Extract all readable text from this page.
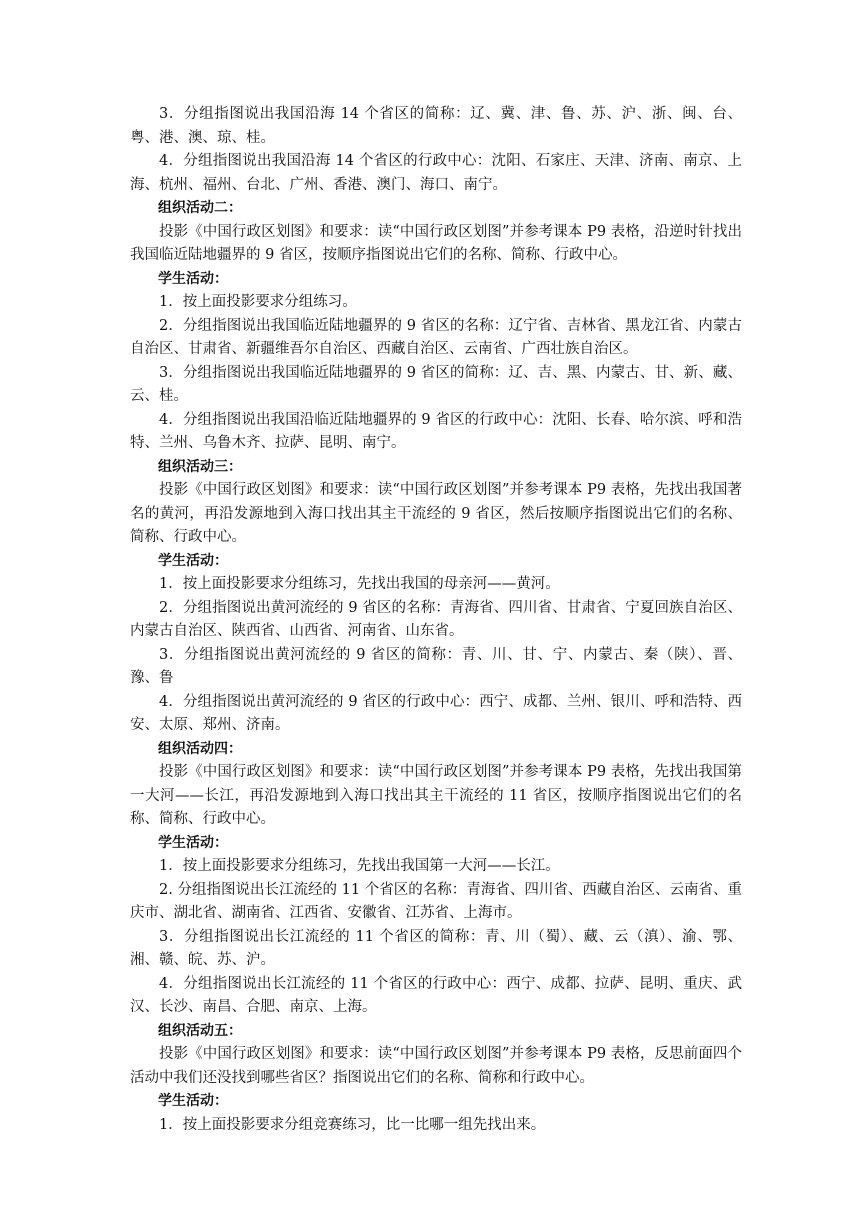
3．分组指图说出我国沿海 14 个省区的简称：辽、冀、津、鲁、苏、沪、浙、闽、台、粤、港、澳、琼、桂。

4．分组指图说出我国沿海 14 个省区的行政中心：沈阳、石家庄、天津、济南、南京、上海、杭州、福州、台北、广州、香港、澳门、海口、南宁。

组织活动二：

投影《中国行政区划图》和要求：读“中国行政区划图”并参考课本 P9 表格，沿逆时针找出我国临近陆地疆界的 9 省区，按顺序指图说出它们的名称、简称、行政中心。

学生活动：

1．按上面投影要求分组练习。

2．分组指图说出我国临近陆地疆界的 9 省区的名称：辽宁省、吉林省、黑龙江省、内蒙古自治区、甘肃省、新疆维吾尔自治区、西藏自治区、云南省、广西壮族自治区。

3．分组指图说出我国临近陆地疆界的 9 省区的简称：辽、吉、黑、内蒙古、甘、新、藏、云、桂。

4．分组指图说出我国沿临近陆地疆界的 9 省区的行政中心：沈阳、长春、哈尔滨、呼和浩特、兰州、乌鲁木齐、拉萨、昆明、南宁。

组织活动三：

投影《中国行政区划图》和要求：读“中国行政区划图”并参考课本 P9 表格，先找出我国著名的黄河，再沿发源地到入海口找出其主干流经的 9 省区，然后按顺序指图说出它们的名称、简称、行政中心。

学生活动：

1．按上面投影要求分组练习，先找出我国的母亲河——黄河。

2．分组指图说出黄河流经的 9 省区的名称：青海省、四川省、甘肃省、宁夏回族自治区、内蒙古自治区、陕西省、山西省、河南省、山东省。

3．分组指图说出黄河流经的 9 省区的简称：青、川、甘、宁、内蒙古、秦（陕）、晋、豫、鲁

4．分组指图说出黄河流经的 9 省区的行政中心：西宁、成都、兰州、银川、呼和浩特、西安、太原、郑州、济南。

组织活动四：

投影《中国行政区划图》和要求：读“中国行政区划图”并参考课本 P9 表格，先找出我国第一大河——长江，再沿发源地到入海口找出其主干流经的 11 省区，按顺序指图说出它们的名称、简称、行政中心。

学生活动：

1．按上面投影要求分组练习，先找出我国第一大河——长江。

2. 分组指图说出长江流经的 11 个省区的名称：青海省、四川省、西藏自治区、云南省、重庆市、湖北省、湖南省、江西省、安徽省、江苏省、上海市。

3．分组指图说出长江流经的 11 个省区的简称：青、川（蜀）、藏、云（滇）、渝、鄂、湘、赣、皖、苏、沪。

4．分组指图说出长江流经的 11 个省区的行政中心：西宁、成都、拉萨、昆明、重庆、武汉、长沙、南昌、合肥、南京、上海。

组织活动五：

投影《中国行政区划图》和要求：读“中国行政区划图”并参考课本 P9 表格，反思前面四个活动中我们还没找到哪些省区？指图说出它们的名称、简称和行政中心。

学生活动：

1．按上面投影要求分组竞赛练习，比一比哪一组先找出来。
